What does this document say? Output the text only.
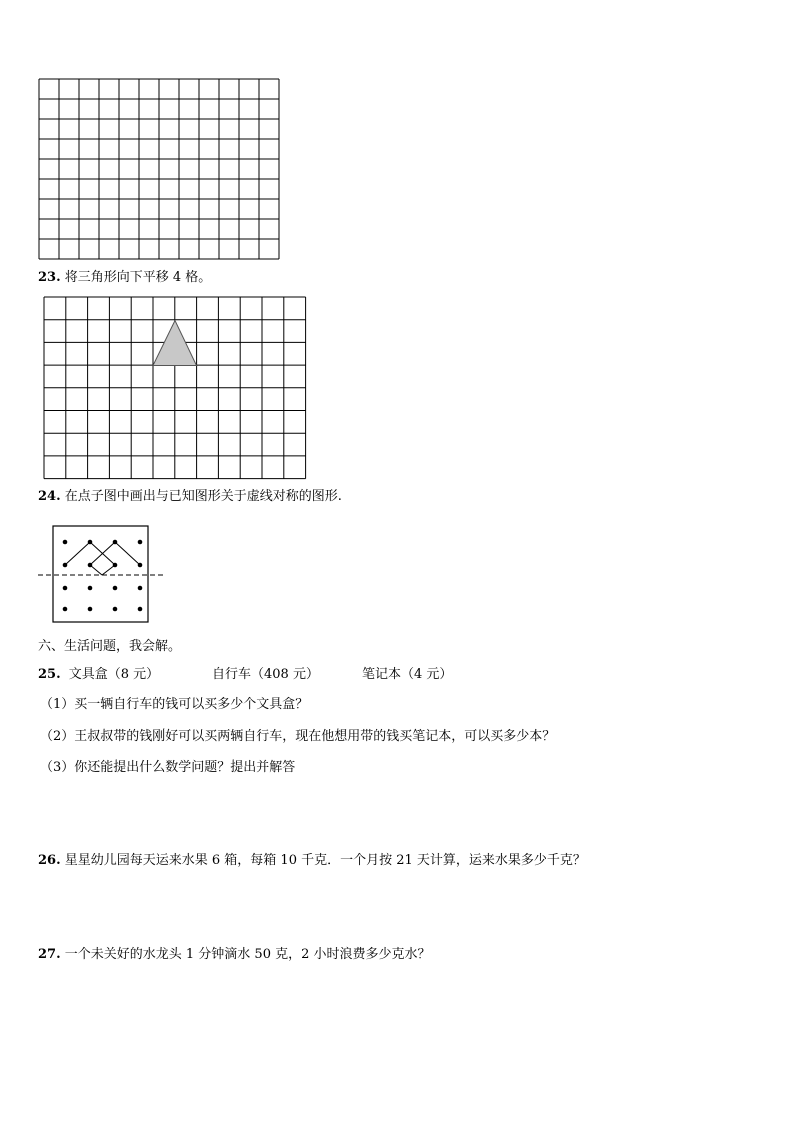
23. 将三角形向下平移 4 格。
24. 在点子图中画出与已知图形关于虚线对称的图形.
六、生活问题，我会解。
25. 文具盒（8 元）	自行车（408 元）	笔记本（4 元）
（1）买一辆自行车的钱可以买多少个文具盒？
（2）王叔叔带的钱刚好可以买两辆自行车，现在他想用带的钱买笔记本，可以买多少本？
（3）你还能提出什么数学问题？提出并解答
26. 星星幼儿园每天运来水果 6 箱，每箱 10 千克．一个月按 21 天计算，运来水果多少千克？
27. 一个未关好的水龙头 1 分钟滴水 50 克，2 小时浪费多少克水？
